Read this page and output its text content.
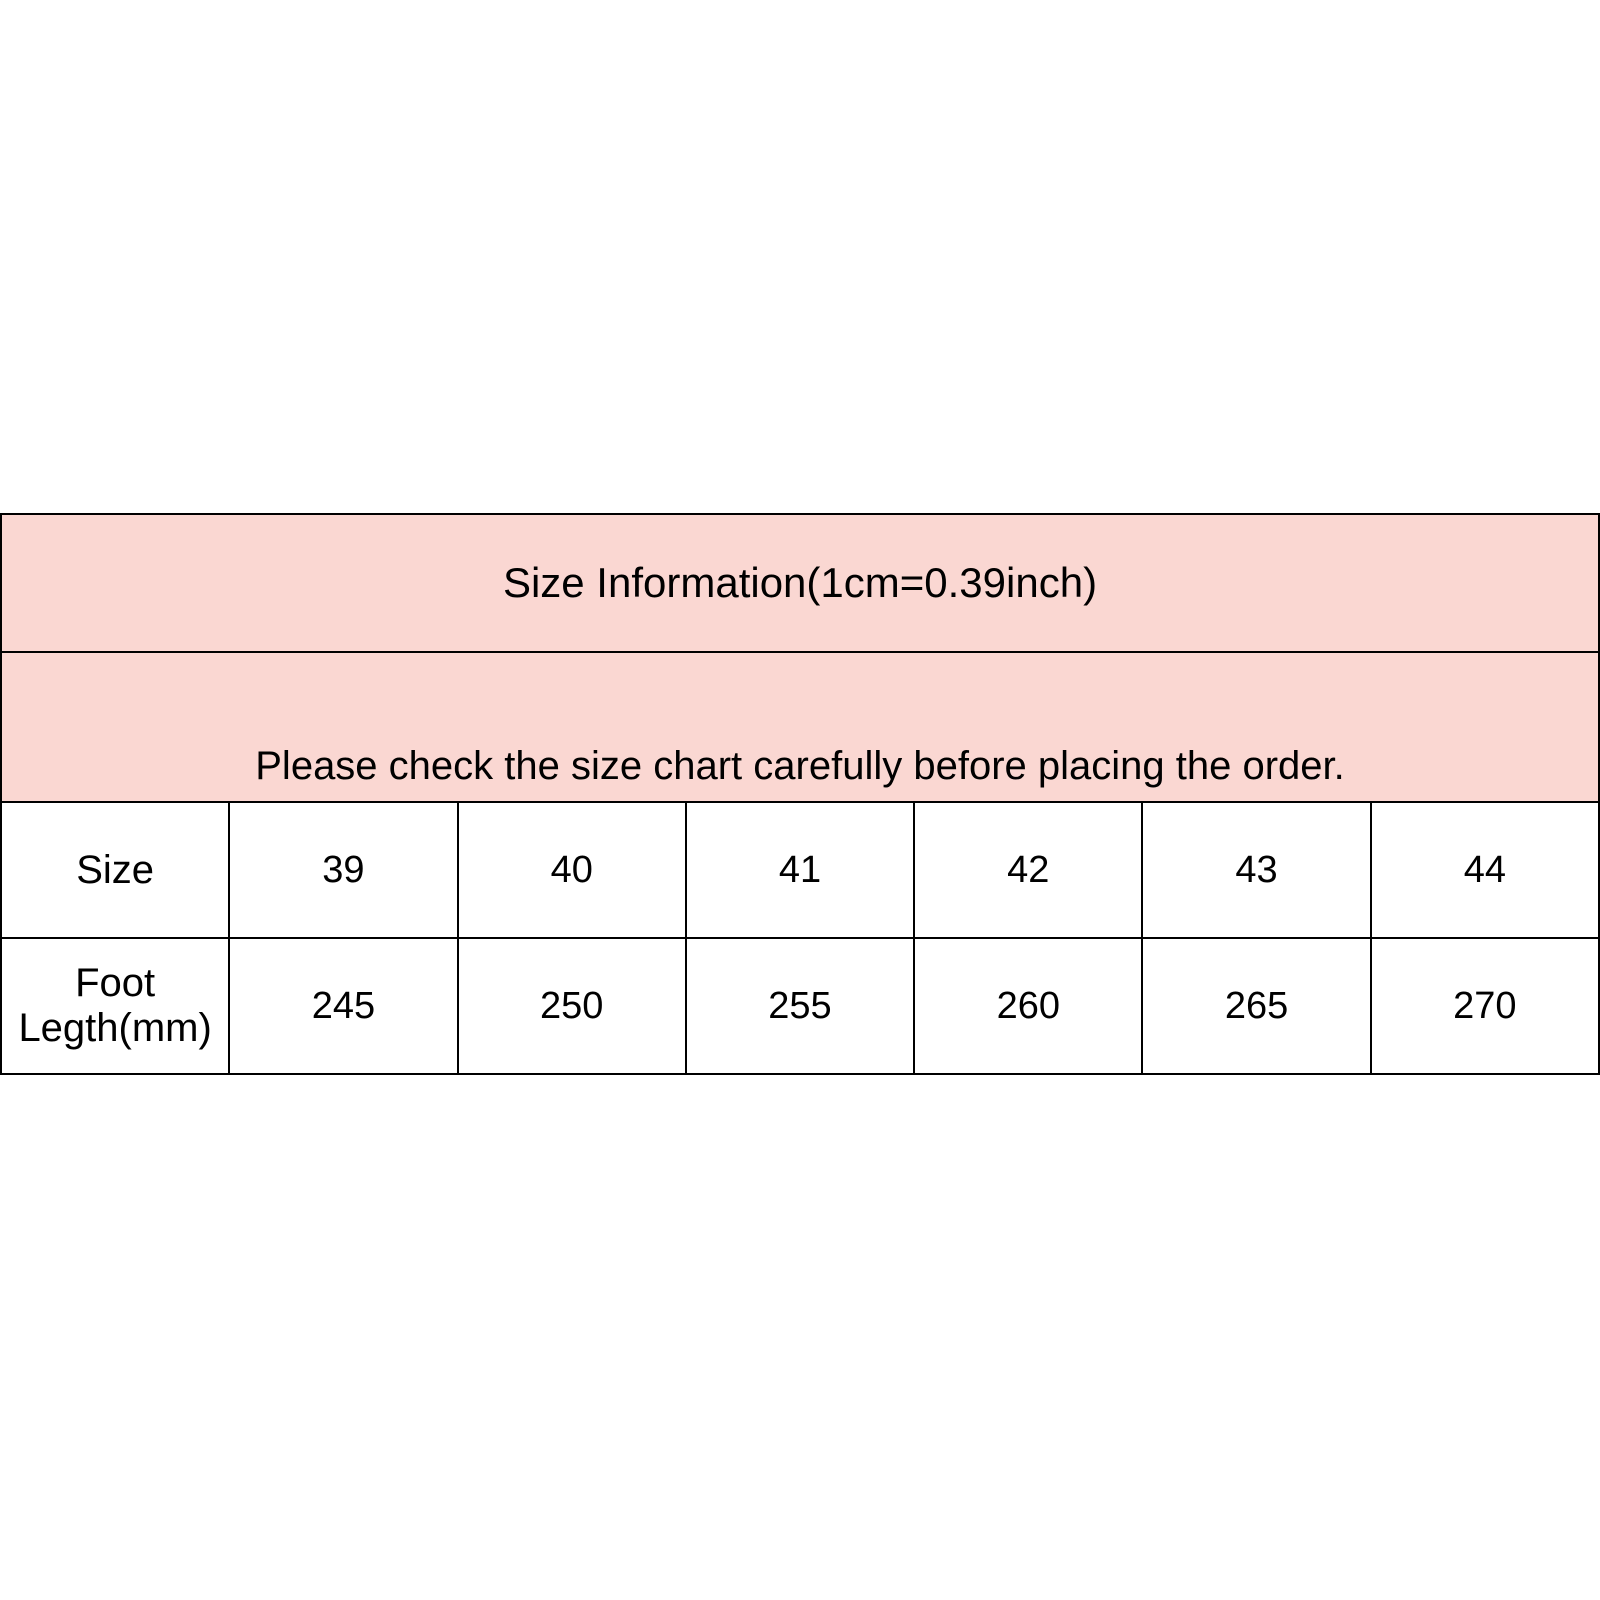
Size Information(1cm=0.39inch)						
Please check the size chart carefully before placing the order.						
Size	39	40	41	42	43	44
Foot Legth(mm)	245	250	255	260	265	270
